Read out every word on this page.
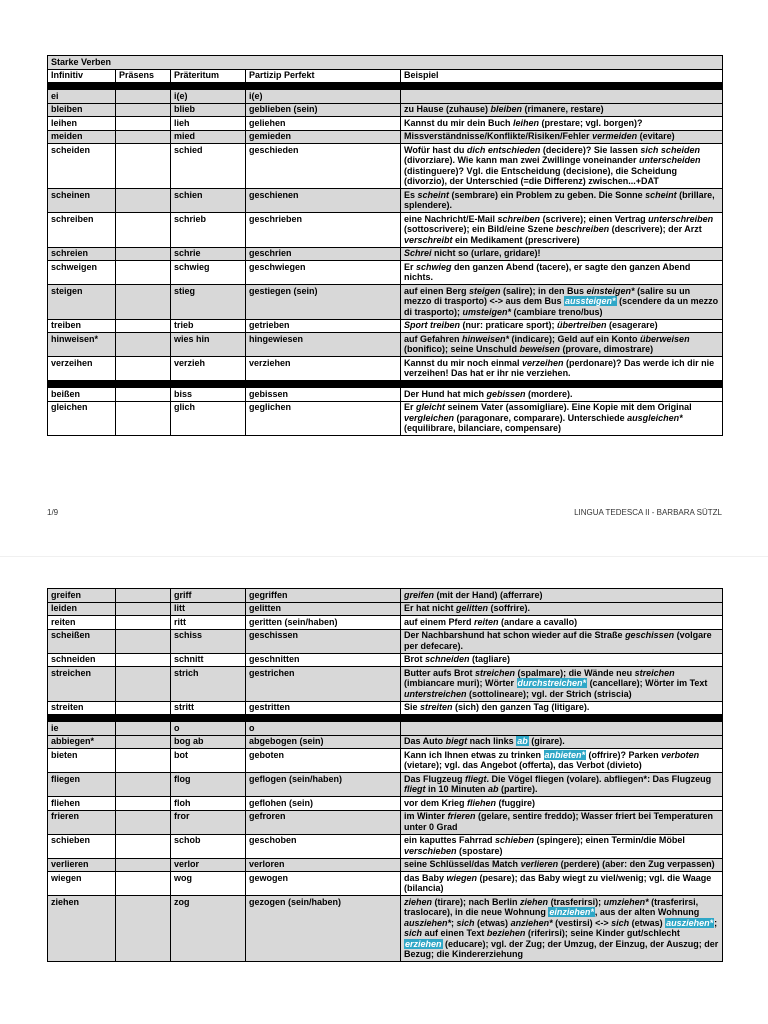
Starke Verben				
Infinitiv	Präsens	Präteritum	Partizip Perfekt	Beispiel

ei		i(e)	i(e)	
bleiben		blieb	geblieben (sein)	zu Hause (zuhause) bleiben (rimanere, restare)
leihen		lieh	geliehen	Kannst du mir dein Buch leihen (prestare; vgl. borgen)?
meiden		mied	gemieden	Missverständnisse/Konflikte/Risiken/Fehler vermeiden (evitare)
scheiden		schied	geschieden	Wofür hast du dich entschieden (decidere)? Sie lassen sich scheiden (divorziare). Wie kann man zwei Zwillinge voneinander unterscheiden (distinguere)? Vgl. die Entscheidung (decisione), die Scheidung (divorzio), der Unterschied (=die Differenz) zwischen...+DAT
scheinen		schien	geschienen	Es scheint (sembrare) ein Problem zu geben. Die Sonne scheint (brillare, splendere).
schreiben		schrieb	geschrieben	eine Nachricht/E-Mail schreiben (scrivere); einen Vertrag unterschreiben (sottoscrivere); ein Bild/eine Szene beschreiben (descrivere); der Arzt verschreibt ein Medikament (prescrivere)
schreien		schrie	geschrien	Schrei nicht so (urlare, gridare)!
schweigen		schwieg	geschwiegen	Er schwieg den ganzen Abend (tacere), er sagte den ganzen Abend nichts.
steigen		stieg	gestiegen (sein)	auf einen Berg steigen (salire); in den Bus einsteigen* (salire su un mezzo di trasporto) <-> aus dem Bus aussteigen* (scendere da un mezzo di trasporto); umsteigen* (cambiare treno/bus)
treiben		trieb	getrieben	Sport treiben (nur: praticare sport); übertreiben (esagerare)
hinweisen*		wies hin	hingewiesen	auf Gefahren hinweisen* (indicare); Geld auf ein Konto überweisen (bonifico); seine Unschuld beweisen (provare, dimostrare)
verzeihen		verzieh	verziehen	Kannst du mir noch einmal verzeihen (perdonare)? Das werde ich dir nie verzeihen! Das hat er ihr nie verziehen.

beißen		biss	gebissen	Der Hund hat mich gebissen (mordere).
gleichen		glich	geglichen	Er gleicht seinem Vater (assomigliare). Eine Kopie mit dem Original vergleichen (paragonare, comparare). Unterschiede ausgleichen* (equilibrare, bilanciare, compensare)
1/9	LINGUA TEDESCA II - BARBARA SÜTZL
greifen		griff	gegriffen	greifen (mit der Hand) (afferrare)
leiden		litt	gelitten	Er hat nicht gelitten (soffrire).
reiten		ritt	geritten (sein/haben)	auf einem Pferd reiten (andare a cavallo)
scheißen		schiss	geschissen	Der Nachbarshund hat schon wieder auf die Straße geschissen (volgare per defecare).
schneiden		schnitt	geschnitten	Brot schneiden (tagliare)
streichen		strich	gestrichen	Butter aufs Brot streichen (spalmare); die Wände neu streichen (imbiancare muri); Wörter durchstreichen* (cancellare); Wörter im Text unterstreichen (sottolineare); vgl. der Strich (striscia)
streiten		stritt	gestritten	Sie streiten (sich) den ganzen Tag (litigare).

ie		o	o	
abbiegen*		bog ab	abgebogen (sein)	Das Auto biegt nach links ab (girare).
bieten		bot	geboten	Kann ich Ihnen etwas zu trinken anbieten* (offrire)? Parken verboten (vietare); vgl. das Angebot (offerta), das Verbot (divieto)
fliegen		flog	geflogen (sein/haben)	Das Flugzeug fliegt. Die Vögel fliegen (volare). abfliegen*: Das Flugzeug fliegt in 10 Minuten ab (partire).
fliehen		floh	geflohen (sein)	vor dem Krieg fliehen (fuggire)
frieren		fror	gefroren	im Winter frieren (gelare, sentire freddo); Wasser friert bei Temperaturen unter 0 Grad
schieben		schob	geschoben	ein kaputtes Fahrrad schieben (spingere); einen Termin/die Möbel verschieben (spostare)
verlieren		verlor	verloren	seine Schlüssel/das Match verlieren (perdere) (aber: den Zug verpassen)
wiegen		wog	gewogen	das Baby wiegen (pesare); das Baby wiegt zu viel/wenig; vgl. die Waage (bilancia)
ziehen		zog	gezogen (sein/haben)	ziehen (tirare); nach Berlin ziehen (trasferirsi); umziehen* (trasferirsi, traslocare), in die neue Wohnung einziehen*, aus der alten Wohnung ausziehen*; sich (etwas) anziehen* (vestirsi) <-> sich (etwas) ausziehen*; sich auf einen Text beziehen (riferirsi); seine Kinder gut/schlecht erziehen (educare); vgl. der Zug; der Umzug, der Einzug, der Auszug; der Bezug; die Kindererziehung
